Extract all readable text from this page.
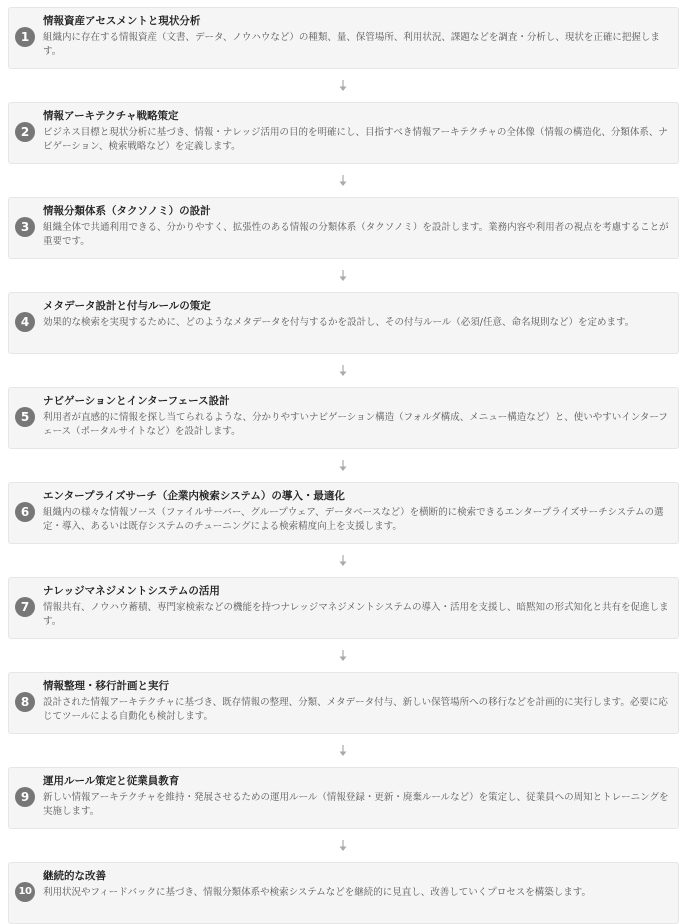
1
情報資産アセスメントと現状分析
組織内に存在する情報資産（文書、データ、ノウハウなど）の種類、量、保管場所、利用状況、課題などを調査・分析し、現状を正確に把握します。
2
情報アーキテクチャ戦略策定
ビジネス目標と現状分析に基づき、情報・ナレッジ活用の目的を明確にし、目指すべき情報アーキテクチャの全体像（情報の構造化、分類体系、ナビゲーション、検索戦略など）を定義します。
3
情報分類体系（タクソノミ）の設計
組織全体で共通利用できる、分かりやすく、拡張性のある情報の分類体系（タクソノミ）を設計します。業務内容や利用者の視点を考慮することが重要です。
4
メタデータ設計と付与ルールの策定
効果的な検索を実現するために、どのようなメタデータを付与するかを設計し、その付与ルール（必須/任意、命名規則など）を定めます。
5
ナビゲーションとインターフェース設計
利用者が直感的に情報を探し当てられるような、分かりやすいナビゲーション構造（フォルダ構成、メニュー構造など）と、使いやすいインターフェース（ポータルサイトなど）を設計します。
6
エンタープライズサーチ（企業内検索システム）の導入・最適化
組織内の様々な情報ソース（ファイルサーバー、グループウェア、データベースなど）を横断的に検索できるエンタープライズサーチシステムの選定・導入、あるいは既存システムのチューニングによる検索精度向上を支援します。
7
ナレッジマネジメントシステムの活用
情報共有、ノウハウ蓄積、専門家検索などの機能を持つナレッジマネジメントシステムの導入・活用を支援し、暗黙知の形式知化と共有を促進します。
8
情報整理・移行計画と実行
設計された情報アーキテクチャに基づき、既存情報の整理、分類、メタデータ付与、新しい保管場所への移行などを計画的に実行します。必要に応じてツールによる自動化も検討します。
9
運用ルール策定と従業員教育
新しい情報アーキテクチャを維持・発展させるための運用ルール（情報登録・更新・廃棄ルールなど）を策定し、従業員への周知とトレーニングを実施します。
10
継続的な改善
利用状況やフィードバックに基づき、情報分類体系や検索システムなどを継続的に見直し、改善していくプロセスを構築します。
